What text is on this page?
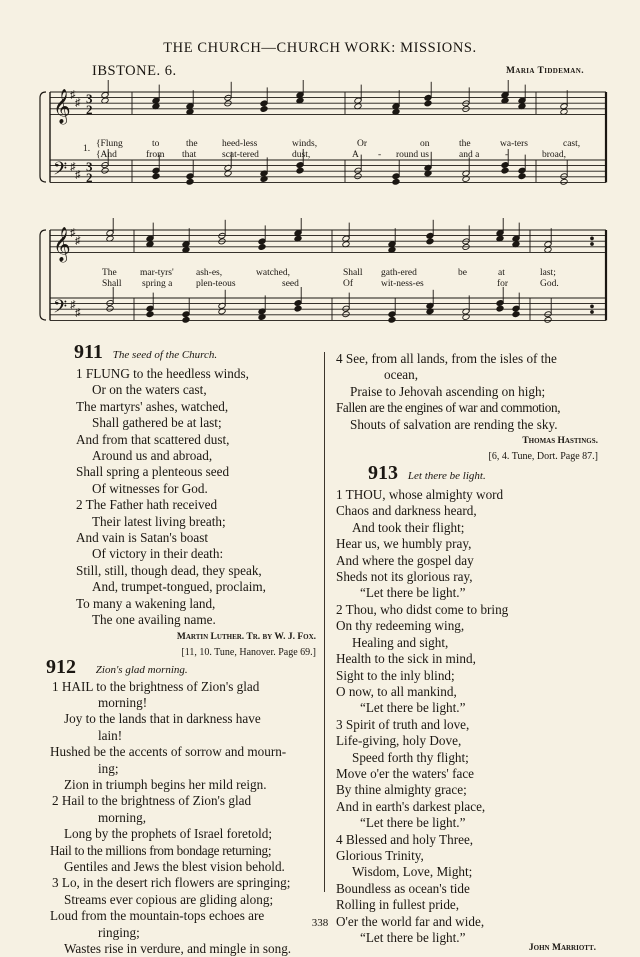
THE CHURCH—CHURCH WORK: MISSIONS.
IBSTONE. 6.	Maria Tiddeman.
𝄞
𝄢
♯
♯
♯
♯
3
3
2
2
𝄞
𝄢
♯
♯
♯
♯
1. {Flung	to	the	heed-less	winds,	Or	on	the	wa-ters	cast,
{And	from that	scat-tered	dust,	A - round us	and a	-	broad,
The mar-tyrs' ash-es,	watched,	Shall gath-ered	be	at	last;
Shall spring a plen-teous	seed	Of	wit-ness-es	for	God.
911 The seed of the Church.
1 FLUNG to the heedless winds,
Or on the waters cast,
The martyrs' ashes, watched,
Shall gathered be at last;
And from that scattered dust,
Around us and abroad,
Shall spring a plenteous seed
Of witnesses for God.
2 The Father hath received
Their latest living breath;
And vain is Satan's boast
Of victory in their death:
Still, still, though dead, they speak,
And, trumpet-tongued, proclaim,
To many a wakening land,
The one availing name.
Martin Luther. Tr. by W. J. Fox.
[11, 10. Tune, Hanover. Page 69.]
912 Zion's glad morning.
1 HAIL to the brightness of Zion's glad
morning!
Joy to the lands that in darkness have
lain!
Hushed be the accents of sorrow and mourn-
ing;
Zion in triumph begins her mild reign.
2 Hail to the brightness of Zion's glad
morning,
Long by the prophets of Israel foretold;
Hail to the millions from bondage returning;
Gentiles and Jews the blest vision behold.
3 Lo, in the desert rich flowers are springing;
Streams ever copious are gliding along;
Loud from the mountain-tops echoes are
ringing;
Wastes rise in verdure, and mingle in song.
4 See, from all lands, from the isles of the
ocean,
Praise to Jehovah ascending on high;
Fallen are the engines of war and commotion,
Shouts of salvation are rending the sky.
Thomas Hastings.
[6, 4. Tune, Dort. Page 87.]
913 Let there be light.
1 THOU, whose almighty word
Chaos and darkness heard,
And took their flight;
Hear us, we humbly pray,
And where the gospel day
Sheds not its glorious ray,
“Let there be light.”
2 Thou, who didst come to bring
On thy redeeming wing,
Healing and sight,
Health to the sick in mind,
Sight to the inly blind;
O now, to all mankind,
“Let there be light.”
3 Spirit of truth and love,
Life-giving, holy Dove,
Speed forth thy flight;
Move o'er the waters' face
By thine almighty grace;
And in earth's darkest place,
“Let there be light.”
4 Blessed and holy Three,
Glorious Trinity,
Wisdom, Love, Might;
Boundless as ocean's tide
Rolling in fullest pride,
O'er the world far and wide,
“Let there be light.”
John Marriott.
338
